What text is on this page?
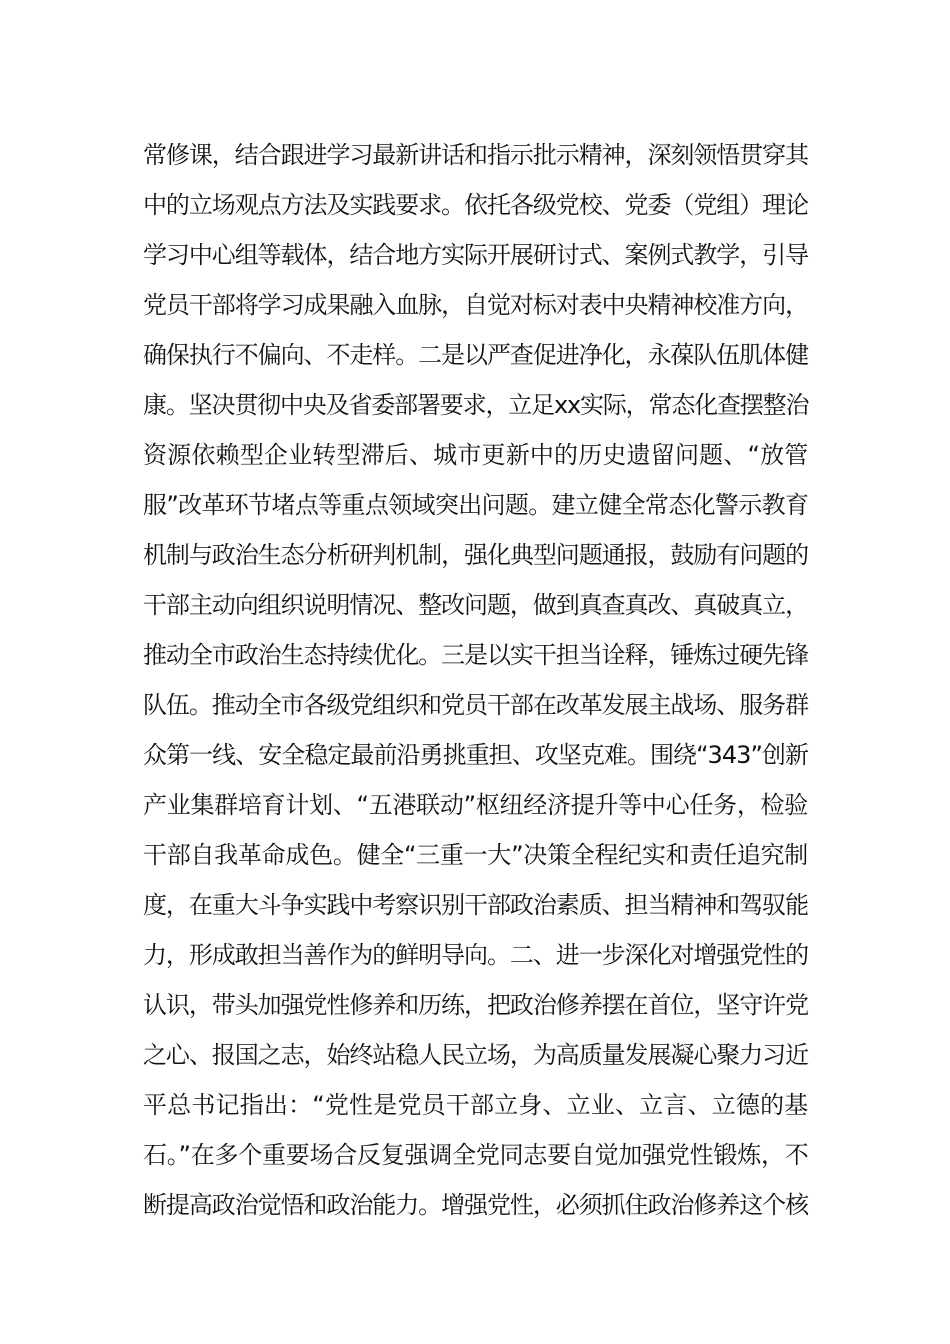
常修课，结合跟进学习最新讲话和指示批示精神，深刻领悟贯穿其
中的立场观点方法及实践要求。依托各级党校、党委（党组）理论
学习中心组等载体，结合地方实际开展研讨式、案例式教学，引导
党员干部将学习成果融入血脉，自觉对标对表中央精神校准方向，
确保执行不偏向、不走样。二是以严查促进净化，永葆队伍肌体健
康。坚决贯彻中央及省委部署要求，立足xx实际，常态化查摆整治
资源依赖型企业转型滞后、城市更新中的历史遗留问题、“放管
服”改革环节堵点等重点领域突出问题。建立健全常态化警示教育
机制与政治生态分析研判机制，强化典型问题通报，鼓励有问题的
干部主动向组织说明情况、整改问题，做到真查真改、真破真立，
推动全市政治生态持续优化。三是以实干担当诠释，锤炼过硬先锋
队伍。推动全市各级党组织和党员干部在改革发展主战场、服务群
众第一线、安全稳定最前沿勇挑重担、攻坚克难。围绕“343”创新
产业集群培育计划、“五港联动”枢纽经济提升等中心任务，检验
干部自我革命成色。健全“三重一大”决策全程纪实和责任追究制
度，在重大斗争实践中考察识别干部政治素质、担当精神和驾驭能
力，形成敢担当善作为的鲜明导向。二、进一步深化对增强党性的
认识，带头加强党性修养和历练，把政治修养摆在首位，坚守许党
之心、报国之志，始终站稳人民立场，为高质量发展凝心聚力习近
平总书记指出：“党性是党员干部立身、立业、立言、立德的基
石。”在多个重要场合反复强调全党同志要自觉加强党性锻炼，不
断提高政治觉悟和政治能力。增强党性，必须抓住政治修养这个核
